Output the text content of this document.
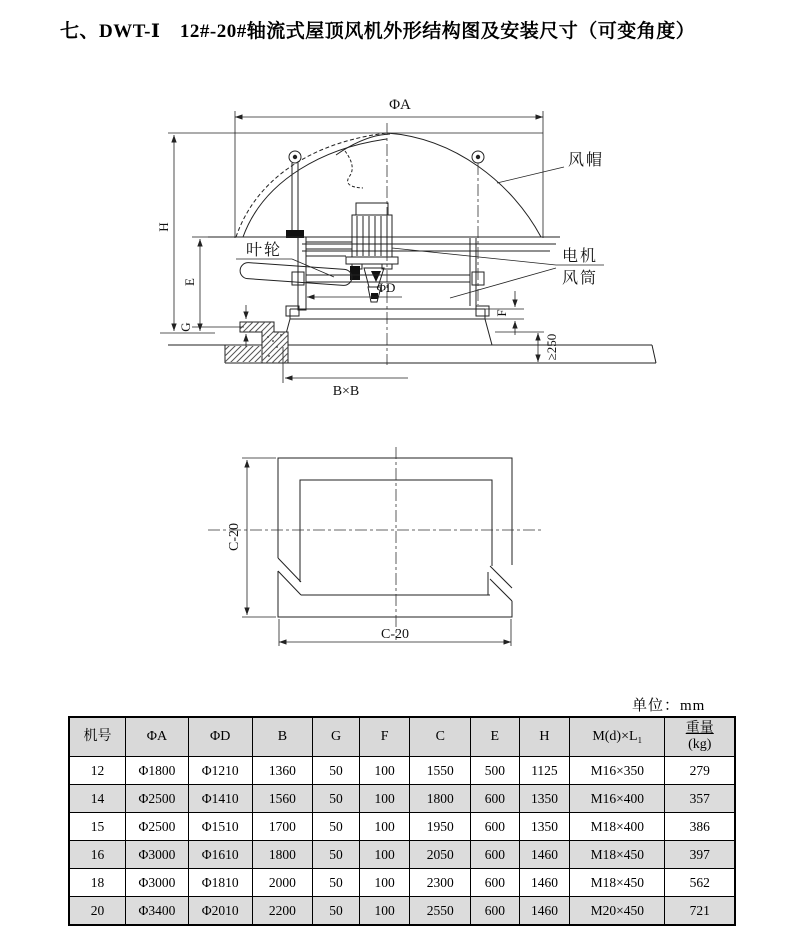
七、DWT-Ⅰ　12#-20#轴流式屋顶风机外形结构图及安装尺寸（可变角度）
ΦA
风帽
叶轮	电机
风筒
ΦD
H
E
G
F
≥250
B×B
C-20
C-20
单位：mm
机号	ΦA	ΦD	B	G	F	C	E	H	M(d)×L₁	重量
(kg)

12	Φ1800	Φ1210	1360	50	100	1550	500	1125	M16×350	279
14	Φ2500	Φ1410	1560	50	100	1800	600	1350	M16×400	357
15	Φ2500	Φ1510	1700	50	100	1950	600	1350	M18×400	386
16	Φ3000	Φ1610	1800	50	100	2050	600	1460	M18×450	397
18	Φ3000	Φ1810	2000	50	100	2300	600	1460	M18×450	562
20	Φ3400	Φ2010	2200	50	100	2550	600	1460	M20×450	721
